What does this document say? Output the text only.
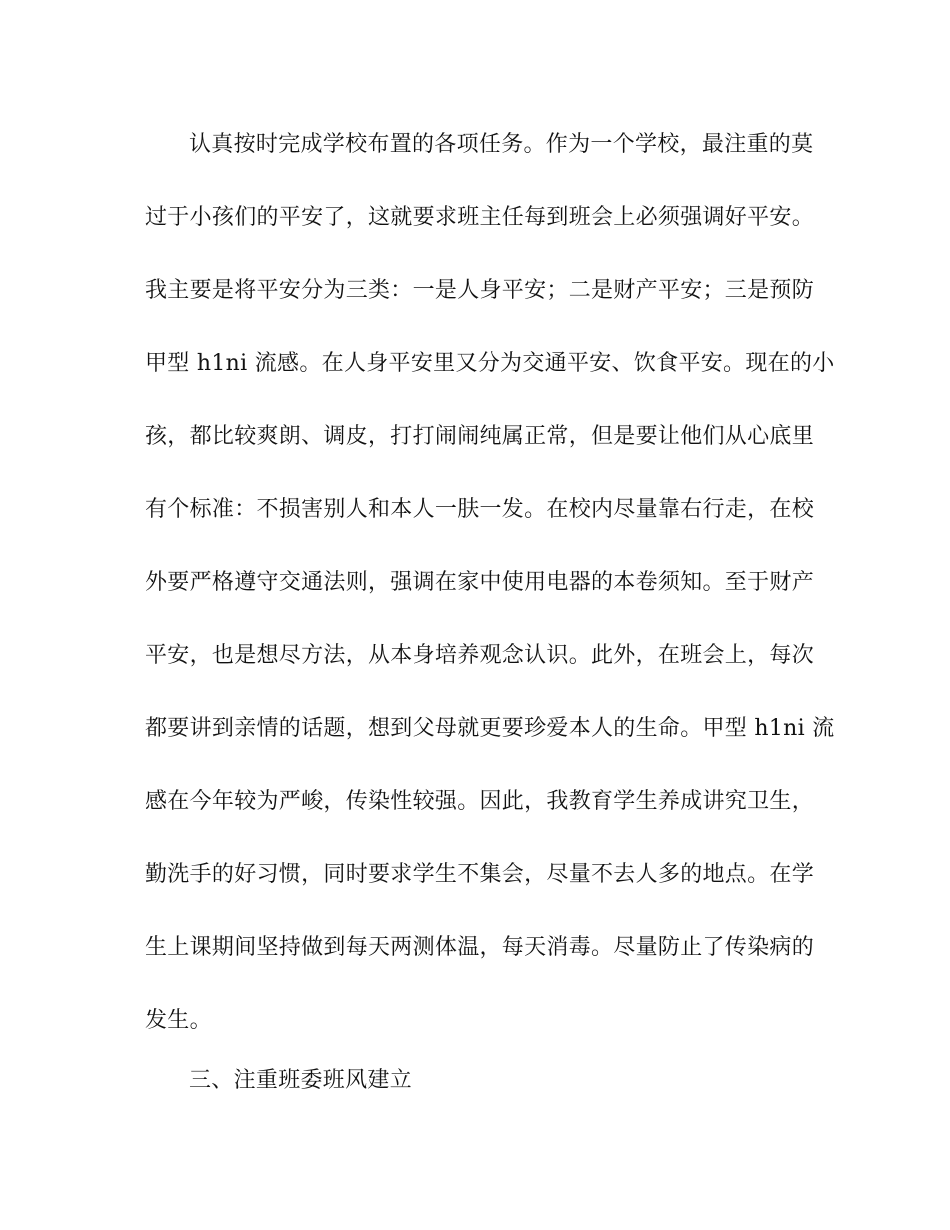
认真按时完成学校布置的各项任务。作为一个学校，最注重的莫
过于小孩们的平安了，这就要求班主任每到班会上必须强调好平安。
我主要是将平安分为三类：一是人身平安；二是财产平安；三是预防
甲型 h1ni 流感。在人身平安里又分为交通平安、饮食平安。现在的小
孩，都比较爽朗、调皮，打打闹闹纯属正常，但是要让他们从心底里
有个标准：不损害别人和本人一肤一发。在校内尽量靠右行走，在校
外要严格遵守交通法则，强调在家中使用电器的本卷须知。至于财产
平安，也是想尽方法，从本身培养观念认识。此外，在班会上，每次
都要讲到亲情的话题，想到父母就更要珍爱本人的生命。甲型 h1ni 流
感在今年较为严峻，传染性较强。因此，我教育学生养成讲究卫生，
勤洗手的好习惯，同时要求学生不集会，尽量不去人多的地点。在学
生上课期间坚持做到每天两测体温，每天消毒。尽量防止了传染病的
发生。
三、注重班委班风建立
